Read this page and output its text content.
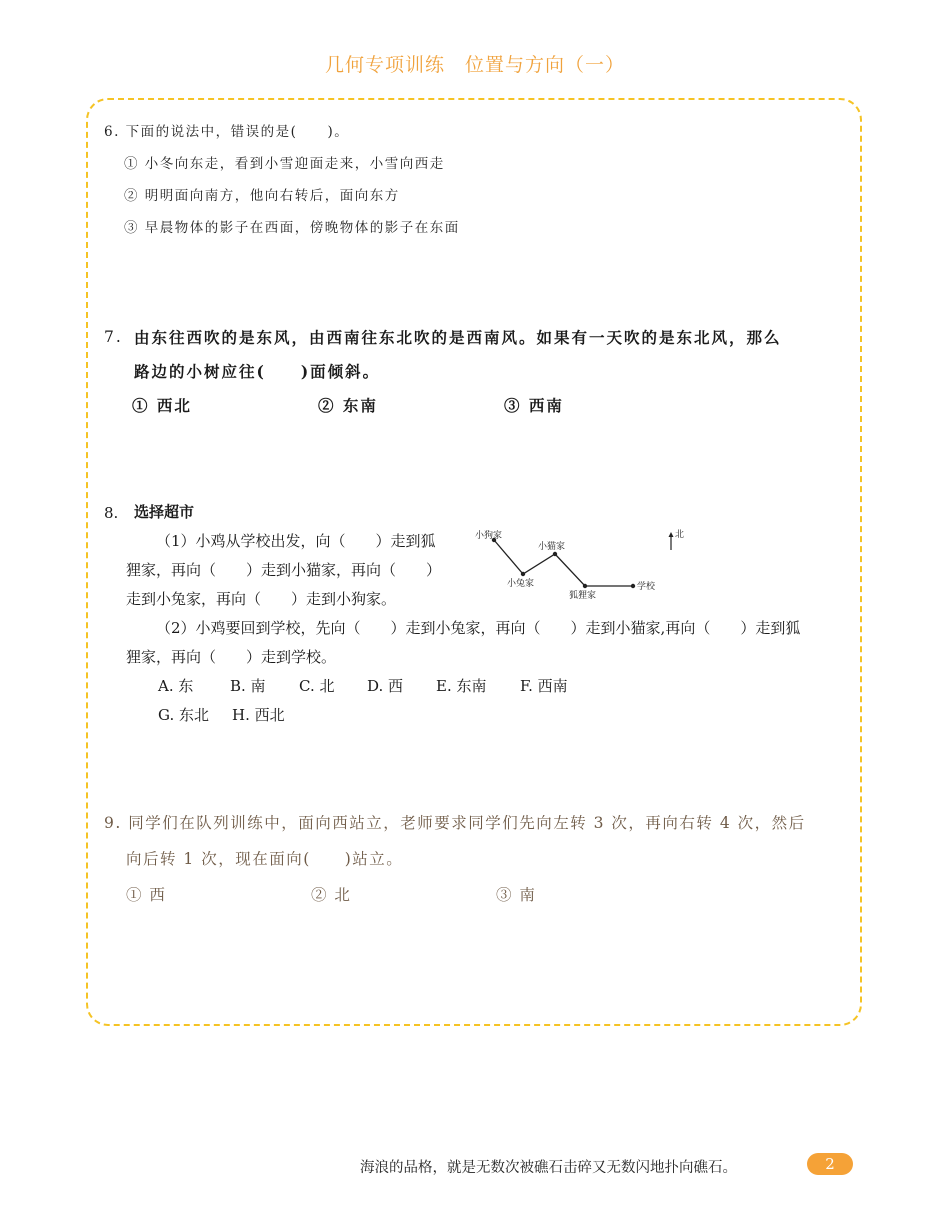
几何专项训练　位置与方向（一）
6. 下面的说法中，错误的是(　　)。
① 小冬向东走，看到小雪迎面走来，小雪向西走
② 明明面向南方，他向右转后，面向东方
③ 早晨物体的影子在西面，傍晚物体的影子在东面
7. 由东往西吹的是东风，由西南往东北吹的是西南风。如果有一天吹的是东北风，那么
路边的小树应往(　　)面倾斜。
① 西北	② 东南	③ 西南
8. 选择超市
（1）小鸡从学校出发，向（　　）走到狐
狸家，再向（　　）走到小猫家，再向（　　）
走到小兔家，再向（　　）走到小狗家。
（2）小鸡要回到学校，先向（　　）走到小兔家，再向（　　）走到小猫家,再向（　　）走到狐
狸家，再向（　　）走到学校。
A. 东 B. 南 C. 北 D. 西 E. 东南 F. 西南
G. 东北 H. 西北
小狗家
小猫家
小兔家
狐狸家
学校
北
9. 同学们在队列训练中，面向西站立，老师要求同学们先向左转 3 次，再向右转 4 次，然后
向后转 1 次，现在面向(　　)站立。
① 西	② 北	③ 南
海浪的品格，就是无数次被礁石击碎又无数闪地扑向礁石。	2
